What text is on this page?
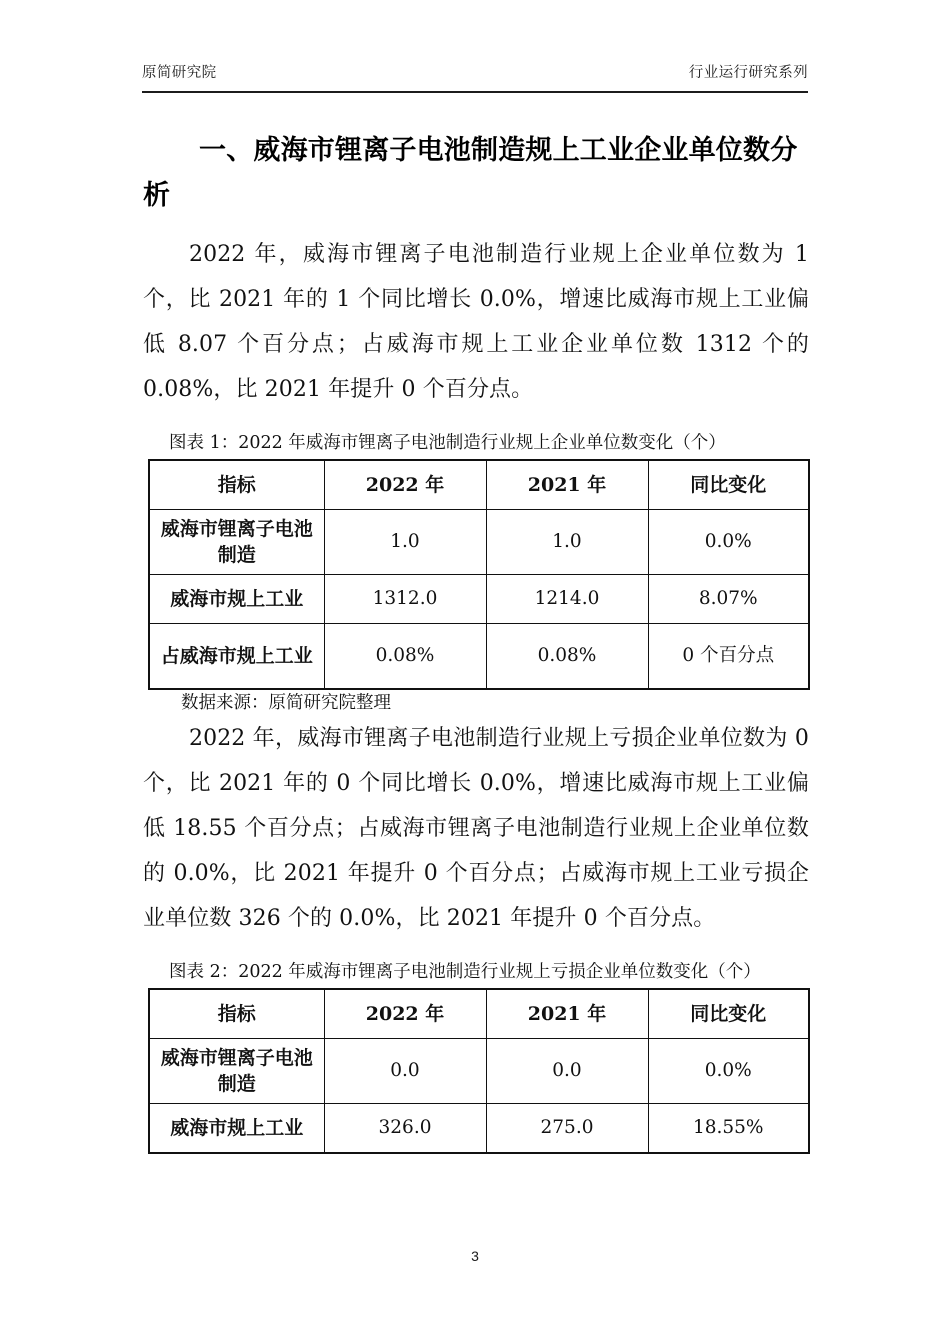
原简研究院	行业运行研究系列
一、威海市锂离子电池制造规上工业企业单位数分析

2022 年，威海市锂离子电池制造行业规上企业单位数为 1 个，比 2021 年的 1 个同比增长 0.0%，增速比威海市规上工业偏低 8.07 个百分点；占威海市规上工业企业单位数 1312 个的 0.08%，比 2021 年提升 0 个百分点。

图表 1：2022 年威海市锂离子电池制造行业规上企业单位数变化（个）

指标	2022 年	2021 年	同比变化
威海市锂离子电池制造	1.0	1.0	0.0%
威海市规上工业	1312.0	1214.0	8.07%
占威海市规上工业	0.08%	0.08%	0 个百分点

数据来源：原简研究院整理

2022 年，威海市锂离子电池制造行业规上亏损企业单位数为 0 个，比 2021 年的 0 个同比增长 0.0%，增速比威海市规上工业偏低 18.55 个百分点；占威海市锂离子电池制造行业规上企业单位数的 0.0%，比 2021 年提升 0 个百分点；占威海市规上工业亏损企业单位数 326 个的 0.0%，比 2021 年提升 0 个百分点。

图表 2：2022 年威海市锂离子电池制造行业规上亏损企业单位数变化（个）

指标	2022 年	2021 年	同比变化
威海市锂离子电池制造	0.0	0.0	0.0%
威海市规上工业	326.0	275.0	18.55%
3
